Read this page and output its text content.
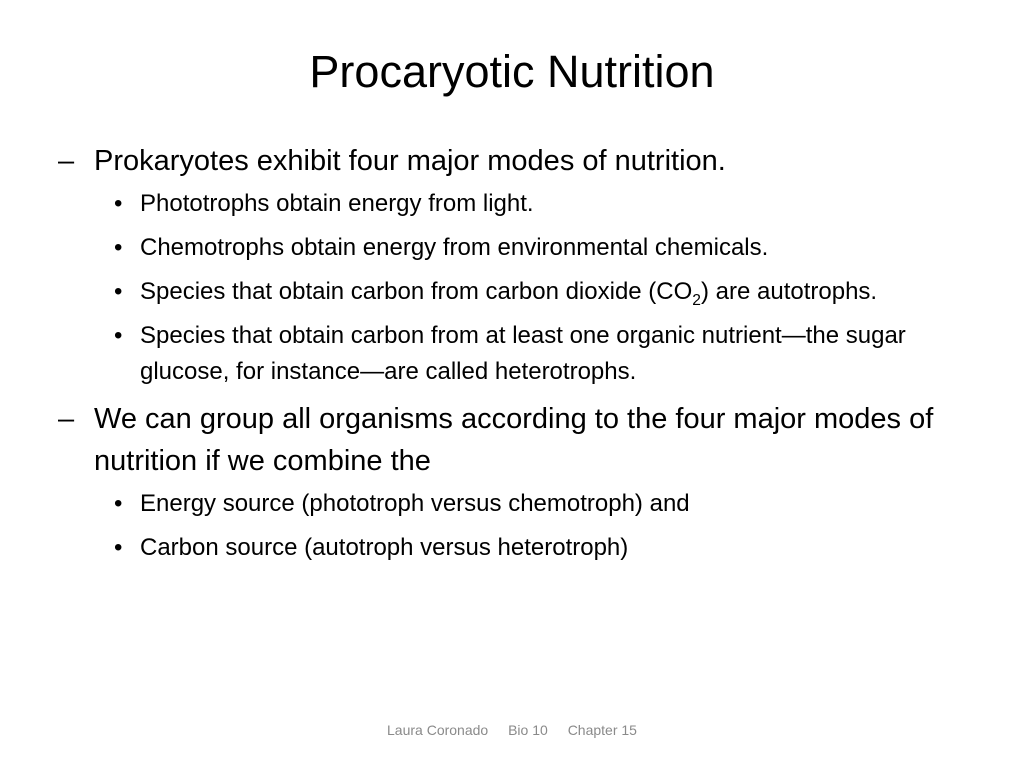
Procaryotic Nutrition
– Prokaryotes exhibit four major modes of nutrition.
• Phototrophs obtain energy from light.
• Chemotrophs obtain energy from environmental chemicals.
• Species that obtain carbon from carbon dioxide $(CO_2)$ are autotrophs.
• Species that obtain carbon from at least one organic nutrient—the sugar glucose, for instance—are called heterotrophs.
– We can group all organisms according to the four major modes of nutrition if we combine the
• Energy source (phototroph versus chemotroph) and
• Carbon source (autotroph versus heterotroph)
Laura Coronado Bio 10 Chapter 15
